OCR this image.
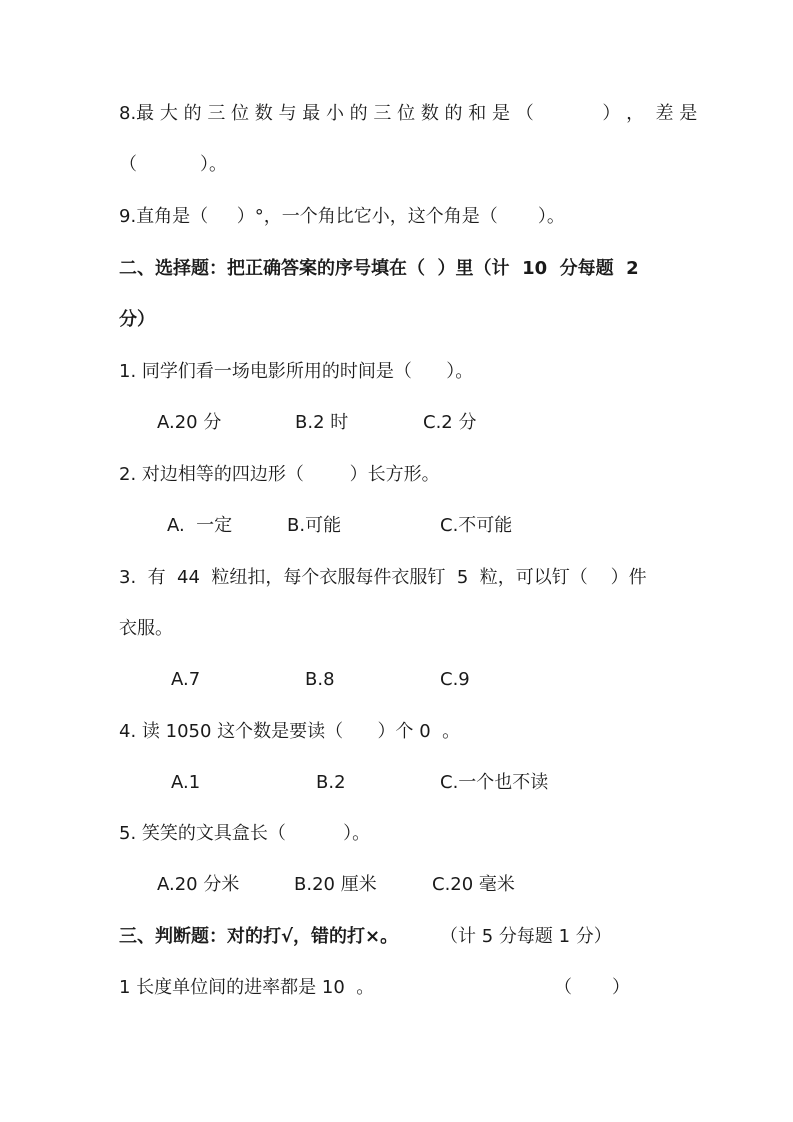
8.最 大 的 三 位 数 与 最 小 的 三 位 数 的 和 是 （            ） ，  差 是
（           ）。
9.直角是（     ）°，一个角比它小，这个角是（       ）。
二、选择题：把正确答案的序号填在（  ）里（计  10  分每题  2
分）
1. 同学们看一场电影所用的时间是（      ）。
A.20 分	B.2 时	C.2 分
2. 对边相等的四边形（        ）长方形。
A.  一定	B.可能	C.不可能
3.  有  44  粒纽扣，每个衣服每件衣服钉  5  粒，可以钉（    ）件
衣服。
A.7	B.8	C.9
4. 读 1050 这个数是要读（      ）个 0  。
A.1	B.2	C.一个也不读
5. 笑笑的文具盒长（          ）。
A.20 分米	B.20 厘米	C.20 毫米
三、判断题：对的打√，错的打×。 （计 5 分每题 1 分）
1 长度单位间的进率都是 10  。	（       ）
